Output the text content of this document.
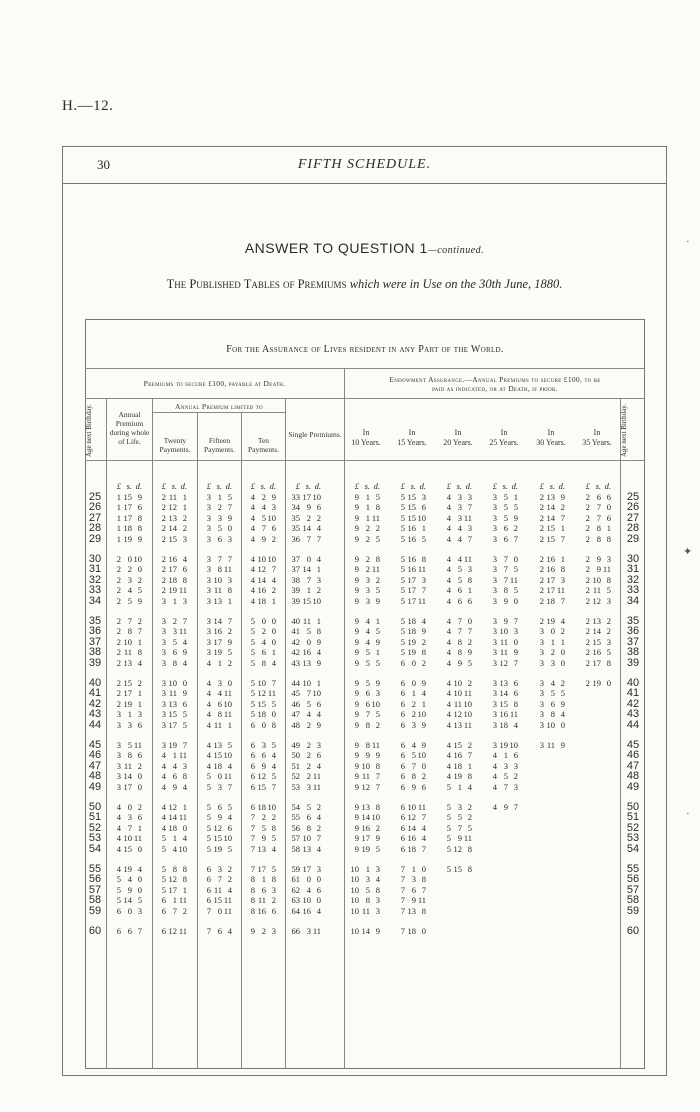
H.—12.
30	FIFTH SCHEDULE.
ANSWER TO QUESTION 1—continued.
The Published Tables of Premiums which were in Use on the 30th June, 1880.
For the Assurance of Lives resident in any Part of the World.
Premiums to secure £100, payable at Death.	Endowment Assurance.—Annual Premiums to secure £100, to be
paid as indicated, or at Death, if prior.
Age next Birthday.	Age next Birthday.
Annual Premium during whole of Life.
Annual Premium limited to
Twenty Payments.
Fifteen Payments.
Ten Payments.
Single Premiums.	In
10 Years.
In
15 Years.
In
20 Years.
In
25 Years.
In
30 Years.
In
35 Years.
£ s. d.	£ s. d.	£ s. d.	£ s. d.	£ s. d.	£ s. d.	£ s. d.	£ s. d.	£ s. d.	£ s. d.	£ s. d.
25	25
1 15 9	2 11 1	3 1 5	4 2 9	33 17 10	9 1 5	5 15 3	4 3 3	3 5 1	2 13 9	2 6 6
26	26
1 17 6	2 12 1	3 2 7	4 4 3	34 9 6	9 1 8	5 15 6	4 3 7	3 5 5	2 14 2	2 7 0
27	27
1 17 8	2 13 2	3 3 9	4 5 10	35 2 2	9 1 11	5 15 10	4 3 11	3 5 9	2 14 7	2 7 6
28	28
1 18 8	2 14 2	3 5 0	4 7 6	35 14 4	9 2 2	5 16 1	4 4 3	3 6 2	2 15 1	2 8 1
29	29
1 19 9	2 15 3	3 6 3	4 9 2	36 7 7	9 2 5	5 16 5	4 4 7	3 6 7	2 15 7	2 8 8
30	30
2 0 10	2 16 4	3 7 7	4 10 10	37 0 4	9 2 8	5 16 8	4 4 11	3 7 0	2 16 1	2 9 3
31	31
2 2 0	2 17 6	3 8 11	4 12 7	37 14 1	9 2 11	5 16 11	4 5 3	3 7 5	2 16 8	2 9 11
32	32
2 3 2	2 18 8	3 10 3	4 14 4	38 7 3	9 3 2	5 17 3	4 5 8	3 7 11	2 17 3	2 10 8
33	33
2 4 5	2 19 11	3 11 8	4 16 2	39 1 2	9 3 5	5 17 7	4 6 1	3 8 5	2 17 11	2 11 5
34	34
2 5 9	3 1 3	3 13 1	4 18 1	39 15 10	9 3 9	5 17 11	4 6 6	3 9 0	2 18 7	2 12 3
35	35
2 7 2	3 2 7	3 14 7	5 0 0	40 11 1	9 4 1	5 18 4	4 7 0	3 9 7	2 19 4	2 13 2
36	36
2 8 7	3 3 11	3 16 2	5 2 0	41 5 8	9 4 5	5 18 9	4 7 7	3 10 3	3 0 2	2 14 2
37	37
2 10 1	3 5 4	3 17 9	5 4 0	42 0 9	9 4 9	5 19 2	4 8 2	3 11 0	3 1 1	2 15 3
38	38
2 11 8	3 6 9	3 19 5	5 6 1	42 16 4	9 5 1	5 19 8	4 8 9	3 11 9	3 2 0	2 16 5
39	39
2 13 4	3 8 4	4 1 2	5 8 4	43 13 9	9 5 5	6 0 2	4 9 5	3 12 7	3 3 0	2 17 8
40	40
2 15 2	3 10 0	4 3 0	5 10 7	44 10 1	9 5 9	6 0 9	4 10 2	3 13 6	3 4 2	2 19 0
41	41
2 17 1	3 11 9	4 4 11	5 12 11	45 7 10	9 6 3	6 1 4	4 10 11	3 14 6	3 5 5
42	42
2 19 1	3 13 6	4 6 10	5 15 5	46 5 6	9 6 10	6 2 1	4 11 10	3 15 8	3 6 9
43	43
3 1 3	3 15 5	4 8 11	5 18 0	47 4 4	9 7 5	6 2 10	4 12 10	3 16 11	3 8 4
44	44
3 3 6	3 17 5	4 11 1	6 0 8	48 2 9	9 8 2	6 3 9	4 13 11	3 18 4	3 10 0
45	45
3 5 11	3 19 7	4 13 5	6 3 5	49 2 3	9 8 11	6 4 9	4 15 2	3 19 10	3 11 9
46	46
3 8 6	4 1 11	4 15 10	6 6 4	50 2 6	9 9 9	6 5 10	4 16 7	4 1 6
47	47
3 11 2	4 4 3	4 18 4	6 9 4	51 2 4	9 10 8	6 7 0	4 18 1	4 3 3
48	48
3 14 0	4 6 8	5 0 11	6 12 5	52 2 11	9 11 7	6 8 2	4 19 8	4 5 2
49	49
3 17 0	4 9 4	5 3 7	6 15 7	53 3 11	9 12 7	6 9 6	5 1 4	4 7 3
50	50
4 0 2	4 12 1	5 6 5	6 18 10	54 5 2	9 13 8	6 10 11	5 3 2	4 9 7
51	51
4 3 6	4 14 11	5 9 4	7 2 2	55 6 4	9 14 10	6 12 7	5 5 2
52	52
4 7 1	4 18 0	5 12 6	7 5 8	56 8 2	9 16 2	6 14 4	5 7 5
53	53
4 10 11	5 1 4	5 15 10	7 9 5	57 10 7	9 17 9	6 16 4	5 9 11
54	54
4 15 0	5 4 10	5 19 5	7 13 4	58 13 4	9 19 5	6 18 7	5 12 8
55	55
4 19 4	5 8 8	6 3 2	7 17 5	59 17 3	10 1 3	7 1 0	5 15 8
56	56
5 4 0	5 12 8	6 7 2	8 1 8	61 0 0	10 3 4	7 3 8
57	57
5 9 0	5 17 1	6 11 4	8 6 3	62 4 6	10 5 8	7 6 7
58	58
5 14 5	6 1 11	6 15 11	8 11 2	63 10 0	10 8 3	7 9 11
59	59
6 0 3	6 7 2	7 0 11	8 16 6	64 16 4	10 11 3	7 13 8
60	60
6 6 7	6 12 11	7 6 4	9 2 3	66 3 11	10 14 9	7 18 0
·
✦
·
